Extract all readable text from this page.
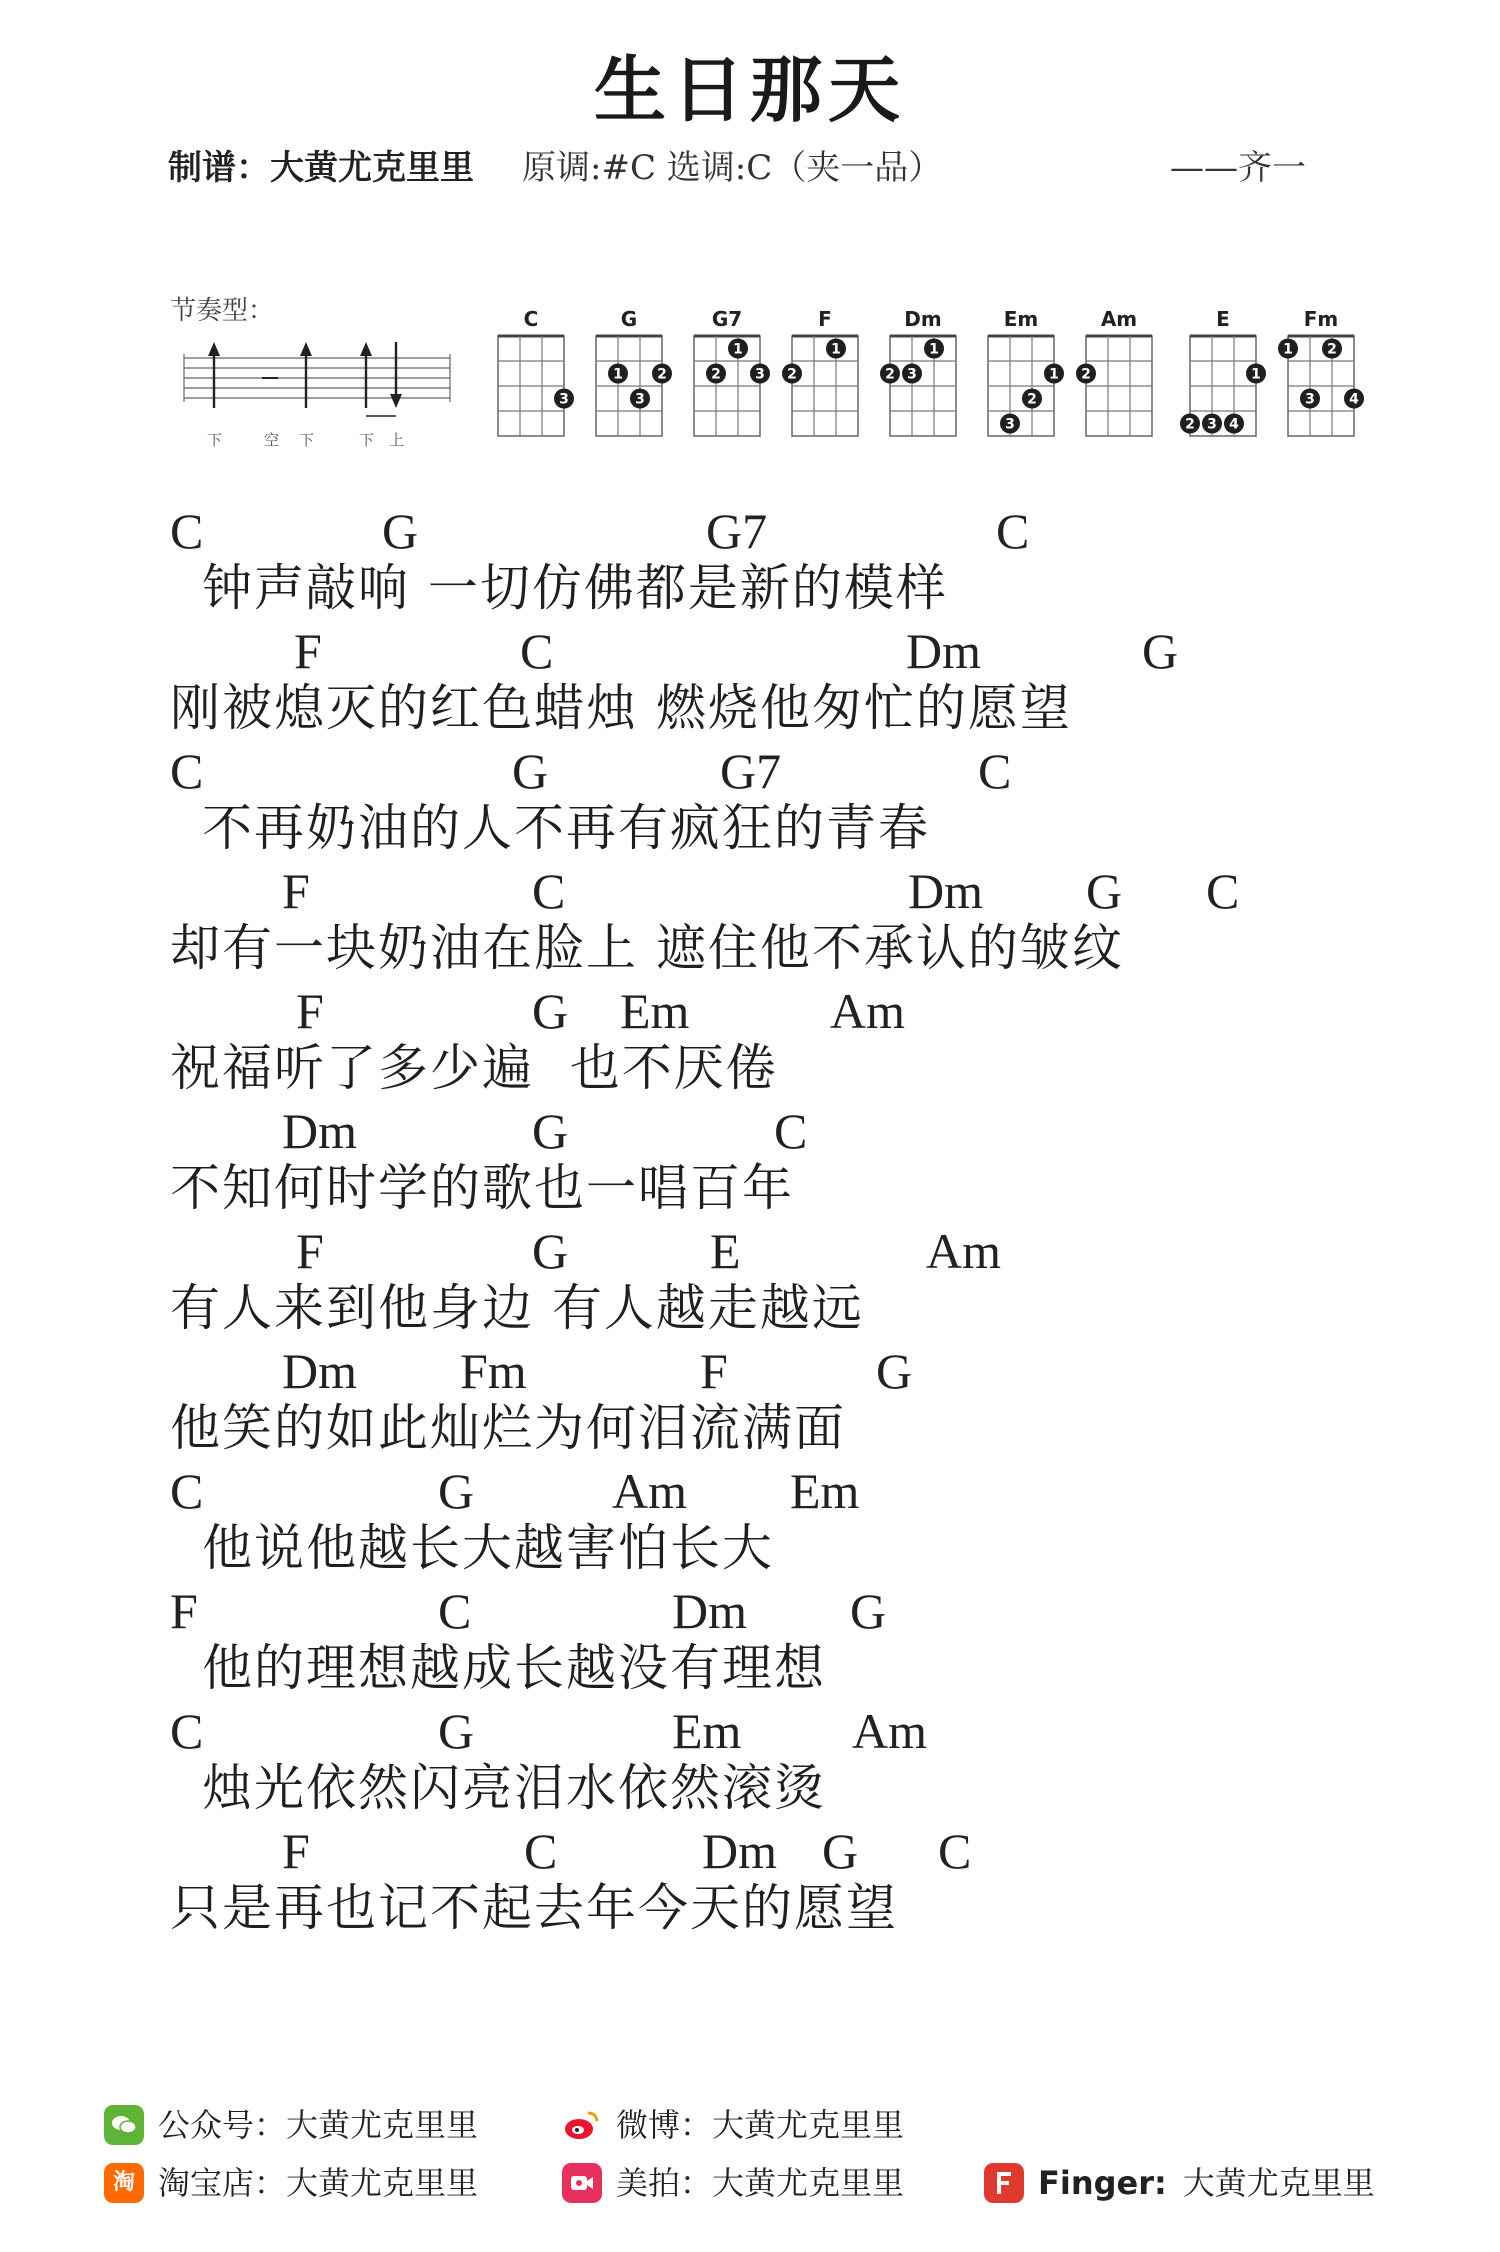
生日那天
制谱：大黄尤克里里 原调:#C 选调:C（夹一品）	——齐一
节奏型：
下	空 下	下 上
C
3
G
1 2
3
G7
2
1
3
F
2
1
Dm
2 3
1
Em
3
2
1
Am
2
E
2 3 4
1
Fm
1
3
2
4

C

	G

	G7

	C

钟声敲响 一切仿佛都是新的模样

F

	C

	Dm

	G

刚被熄灭的红色蜡烛 燃烧他匆忙的愿望

C

	G

	G7

	C

不再奶油的人不再有疯狂的青春

F

	C

	Dm

G

C

却有一块奶油在脸上 遮住他不承认的皱纹

F

	G

Em

	Am

祝福听了多少遍  也不厌倦

Dm

	G

	C

不知何时学的歌也一唱百年

F

	G

	E

	Am

有人来到他身边 有人越走越远

Dm

Fm

	F

	G

他笑的如此灿烂为何泪流满面

C

	G

	Am

Em

他说他越长大越害怕长大

F

	C

	Dm

G

他的理想越成长越没有理想

C

	G

	Em

Am

烛光依然闪亮泪水依然滚烫

F

	C

	Dm

G

C

只是再也记不起去年今天的愿望
公众号：大黄尤克里里	微博：大黄尤克里里
淘 淘宝店：大黄尤克里里	美拍：大黄尤克里里	Finger: 大黄尤克里里
